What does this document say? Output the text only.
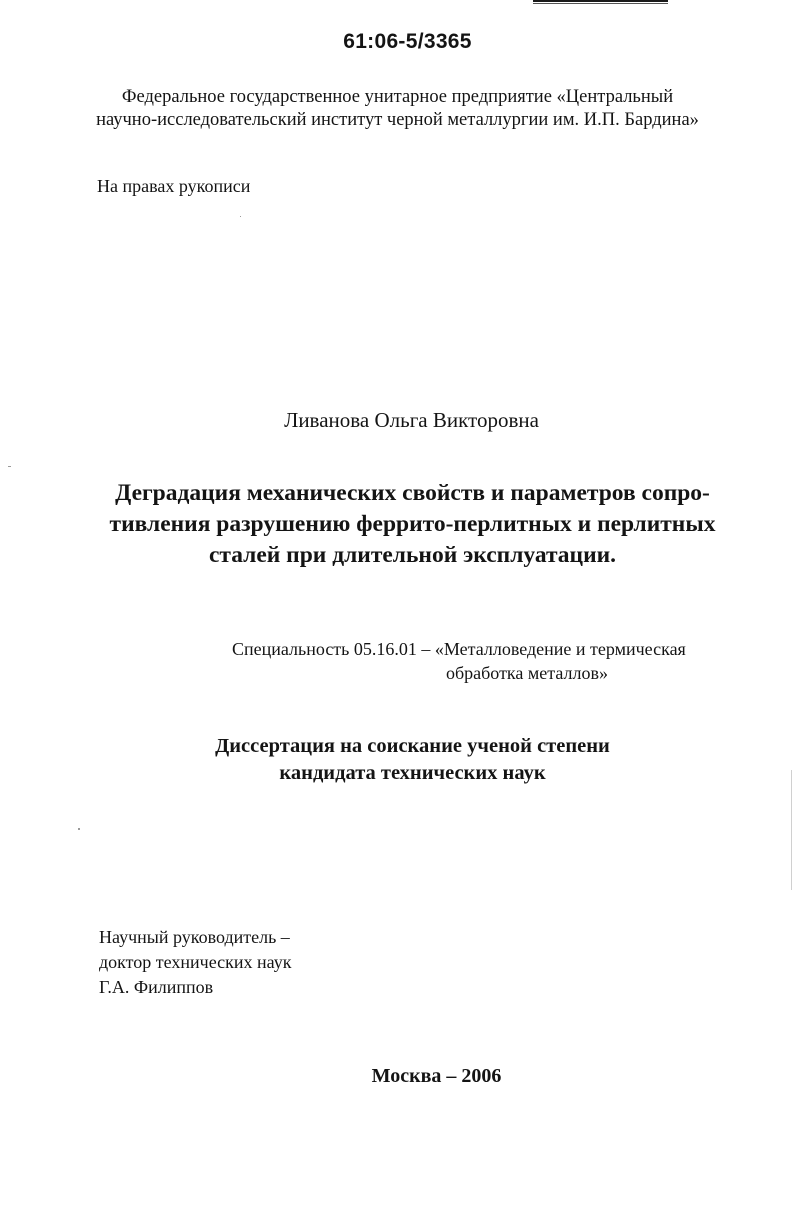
61:06-5/3365
Федеральное государственное унитарное предприятие «Центральный
научно-исследовательский институт черной металлургии им. И.П. Бардина»
На правах рукописи
Ливанова Ольга Викторовна
Деградация механических свойств и параметров сопро-
тивления разрушению феррито-перлитных и перлитных
сталей при длительной эксплуатации.
Специальность 05.16.01 – «Металловедение и термическая
обработка металлов»
Диссертация на соискание ученой степени
кандидата технических наук
Научный руководитель –
доктор технических наук
Г.А. Филиппов
Москва – 2006
